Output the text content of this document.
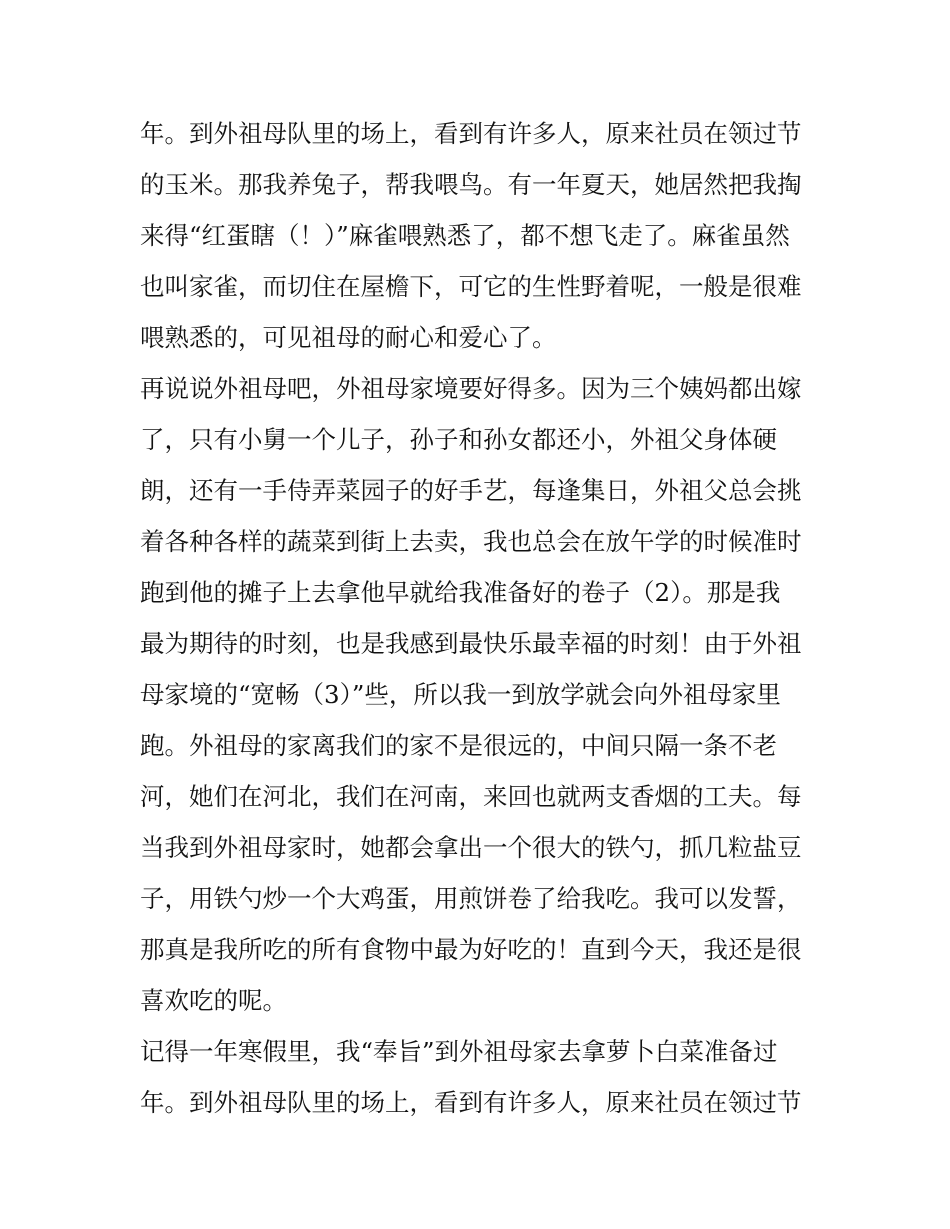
年。到外祖母队里的场上，看到有许多人，原来社员在领过节
的玉米。那我养兔子，帮我喂鸟。有一年夏天，她居然把我掏
来得“红蛋瞎（！）”麻雀喂熟悉了，都不想飞走了。麻雀虽然
也叫家雀，而切住在屋檐下，可它的生性野着呢，一般是很难
喂熟悉的，可见祖母的耐心和爱心了。
再说说外祖母吧，外祖母家境要好得多。因为三个姨妈都出嫁
了，只有小舅一个儿子，孙子和孙女都还小，外祖父身体硬
朗，还有一手侍弄菜园子的好手艺，每逢集日，外祖父总会挑
着各种各样的蔬菜到街上去卖，我也总会在放午学的时候准时
跑到他的摊子上去拿他早就给我准备好的卷子（2）。那是我
最为期待的时刻，也是我感到最快乐最幸福的时刻！由于外祖
母家境的“宽畅（3）”些，所以我一到放学就会向外祖母家里
跑。外祖母的家离我们的家不是很远的，中间只隔一条不老
河，她们在河北，我们在河南，来回也就两支香烟的工夫。每
当我到外祖母家时，她都会拿出一个很大的铁勺，抓几粒盐豆
子，用铁勺炒一个大鸡蛋，用煎饼卷了给我吃。我可以发誓，
那真是我所吃的所有食物中最为好吃的！直到今天，我还是很
喜欢吃的呢。
记得一年寒假里，我“奉旨”到外祖母家去拿萝卜白菜准备过
年。到外祖母队里的场上，看到有许多人，原来社员在领过节
